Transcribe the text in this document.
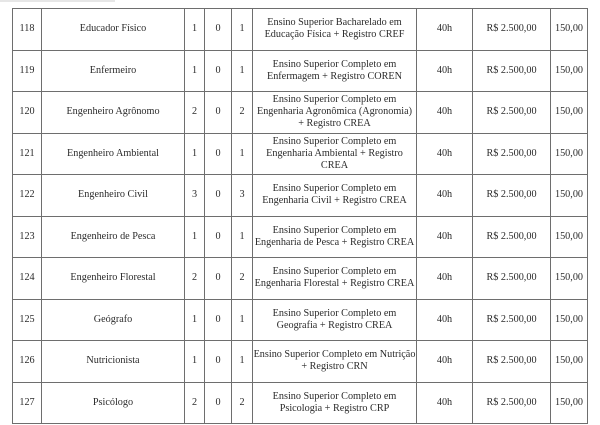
118	Educador Físico	1	0	1	Ensino Superior Bacharelado em Educação Física + Registro CREF	40h	R$ 2.500,00	150,00
119	Enfermeiro	1	0	1	Ensino Superior Completo em Enfermagem + Registro COREN	40h	R$ 2.500,00	150,00
120	Engenheiro Agrônomo	2	0	2	Ensino Superior Completo em Engenharia Agronômica (Agronomia) + Registro CREA	40h	R$ 2.500,00	150,00
121	Engenheiro Ambiental	1	0	1	Ensino Superior Completo em Engenharia Ambiental + Registro CREA	40h	R$ 2.500,00	150,00
122	Engenheiro Civil	3	0	3	Ensino Superior Completo em Engenharia Civil + Registro CREA	40h	R$ 2.500,00	150,00
123	Engenheiro de Pesca	1	0	1	Ensino Superior Completo em Engenharia de Pesca + Registro CREA	40h	R$ 2.500,00	150,00
124	Engenheiro Florestal	2	0	2	Ensino Superior Completo em Engenharia Florestal + Registro CREA	40h	R$ 2.500,00	150,00
125	Geógrafo	1	0	1	Ensino Superior Completo em Geografia + Registro CREA	40h	R$ 2.500,00	150,00
126	Nutricionista	1	0	1	Ensino Superior Completo em Nutrição + Registro CRN	40h	R$ 2.500,00	150,00
127	Psicólogo	2	0	2	Ensino Superior Completo em Psicologia + Registro CRP	40h	R$ 2.500,00	150,00
